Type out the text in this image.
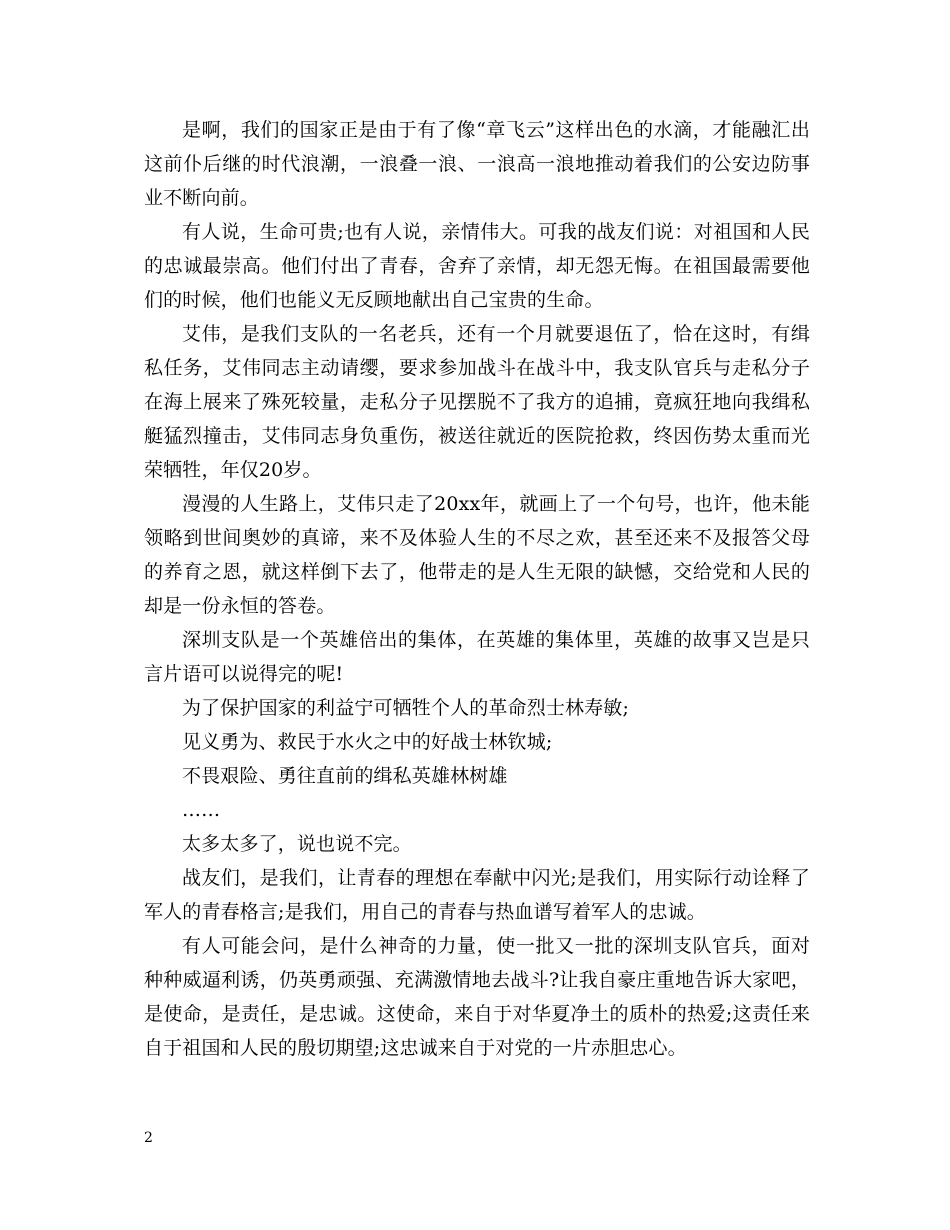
是啊，我们的国家正是由于有了像“章飞云”这样出色的水滴，才能融汇出这前仆后继的时代浪潮，一浪叠一浪、一浪高一浪地推动着我们的公安边防事业不断向前。

有人说，生命可贵;也有人说，亲情伟大。可我的战友们说：对祖国和人民的忠诚最崇高。他们付出了青春，舍弃了亲情，却无怨无悔。在祖国最需要他们的时候，他们也能义无反顾地献出自己宝贵的生命。

艾伟，是我们支队的一名老兵，还有一个月就要退伍了，恰在这时，有缉私任务，艾伟同志主动请缨，要求参加战斗在战斗中，我支队官兵与走私分子在海上展来了殊死较量，走私分子见摆脱不了我方的追捕，竟疯狂地向我缉私艇猛烈撞击，艾伟同志身负重伤，被送往就近的医院抢救，终因伤势太重而光荣牺牲，年仅20岁。

漫漫的人生路上，艾伟只走了20xx年，就画上了一个句号，也许，他未能领略到世间奥妙的真谛，来不及体验人生的不尽之欢，甚至还来不及报答父母的养育之恩，就这样倒下去了，他带走的是人生无限的缺憾，交给党和人民的却是一份永恒的答卷。

深圳支队是一个英雄倍出的集体，在英雄的集体里，英雄的故事又岂是只言片语可以说得完的呢!

为了保护国家的利益宁可牺牲个人的革命烈士林寿敏;

见义勇为、救民于水火之中的好战士林钦城;

不畏艰险、勇往直前的缉私英雄林树雄

……

太多太多了，说也说不完。

战友们，是我们，让青春的理想在奉献中闪光;是我们，用实际行动诠释了军人的青春格言;是我们，用自己的青春与热血谱写着军人的忠诚。

有人可能会问，是什么神奇的力量，使一批又一批的深圳支队官兵，面对种种威逼利诱，仍英勇顽强、充满激情地去战斗?让我自豪庄重地告诉大家吧，是使命，是责任，是忠诚。这使命，来自于对华夏净土的质朴的热爱;这责任来自于祖国和人民的殷切期望;这忠诚来自于对党的一片赤胆忠心。

2
